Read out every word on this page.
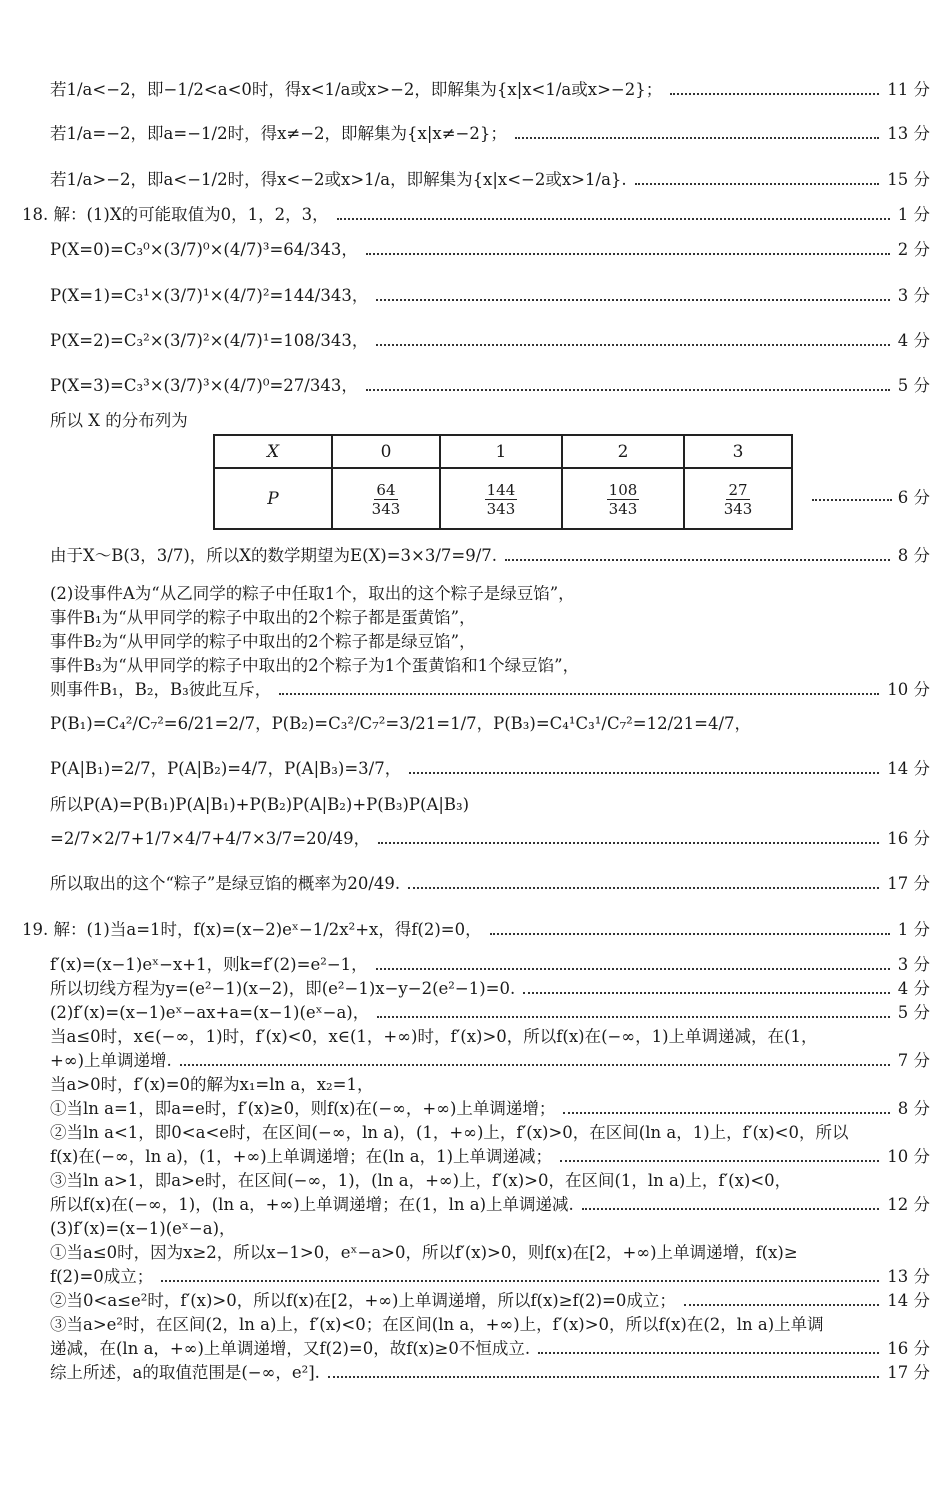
若1/a<−2，即−1/2<a<0时，得x<1/a或x>−2，即解集为{x|x<1/a或x>−2}；	11 分
若1/a=−2，即a=−1/2时，得x≠−2，即解集为{x|x≠−2}；	13 分
若1/a>−2，即a<−1/2时，得x<−2或x>1/a，即解集为{x|x<−2或x>1/a}.	15 分
18. 解：(1)X的可能取值为0，1，2，3，	1 分
P(X=0)=C₃⁰×(3/7)⁰×(4/7)³=64/343，	2 分
P(X=1)=C₃¹×(3/7)¹×(4/7)²=144/343，	3 分
P(X=2)=C₃²×(3/7)²×(4/7)¹=108/343，	4 分
P(X=3)=C₃³×(3/7)³×(4/7)⁰=27/343，	5 分
所以 X 的分布列为
X	0	1	2	3
P	$\frac{64}{343}$	$\frac{144}{343}$	$\frac{108}{343}$	$\frac{27}{343}$	6 分
由于X～B(3，3/7)，所以X的数学期望为E(X)=3×3/7=9/7.	8 分
(2)设事件A为“从乙同学的粽子中任取1个，取出的这个粽子是绿豆馅”，
事件B₁为“从甲同学的粽子中取出的2个粽子都是蛋黄馅”，
事件B₂为“从甲同学的粽子中取出的2个粽子都是绿豆馅”，
事件B₃为“从甲同学的粽子中取出的2个粽子为1个蛋黄馅和1个绿豆馅”，
则事件B₁，B₂，B₃彼此互斥，	10 分
P(B₁)=C₄²/C₇²=6/21=2/7，P(B₂)=C₃²/C₇²=3/21=1/7，P(B₃)=C₄¹C₃¹/C₇²=12/21=4/7，
P(A|B₁)=2/7，P(A|B₂)=4/7，P(A|B₃)=3/7，	14 分
所以P(A)=P(B₁)P(A|B₁)+P(B₂)P(A|B₂)+P(B₃)P(A|B₃)
=2/7×2/7+1/7×4/7+4/7×3/7=20/49，	16 分
所以取出的这个“粽子”是绿豆馅的概率为20/49.	17 分
19. 解：(1)当a=1时，f(x)=(x−2)eˣ−1/2x²+x，得f(2)=0，	1 分
f′(x)=(x−1)eˣ−x+1，则k=f′(2)=e²−1，	3 分
所以切线方程为y=(e²−1)(x−2)，即(e²−1)x−y−2(e²−1)=0.	4 分
(2)f′(x)=(x−1)eˣ−ax+a=(x−1)(eˣ−a)，	5 分
当a≤0时，x∈(−∞，1)时，f′(x)<0，x∈(1，+∞)时，f′(x)>0，所以f(x)在(−∞，1)上单调递减，在(1，
+∞)上单调递增.	7 分
当a>0时，f′(x)=0的解为x₁=ln a，x₂=1，
①当ln a=1，即a=e时，f′(x)≥0，则f(x)在(−∞，+∞)上单调递增；	8 分
②当ln a<1，即0<a<e时，在区间(−∞，ln a)，(1，+∞)上，f′(x)>0，在区间(ln a，1)上，f′(x)<0，所以
f(x)在(−∞，ln a)，(1，+∞)上单调递增；在(ln a，1)上单调递减；	10 分
③当ln a>1，即a>e时，在区间(−∞，1)，(ln a，+∞)上，f′(x)>0，在区间(1，ln a)上，f′(x)<0，
所以f(x)在(−∞，1)，(ln a，+∞)上单调递增；在(1，ln a)上单调递减.	12 分
(3)f′(x)=(x−1)(eˣ−a)，
①当a≤0时，因为x≥2，所以x−1>0，eˣ−a>0，所以f′(x)>0，则f(x)在[2，+∞)上单调递增，f(x)≥
f(2)=0成立；	13 分
②当0<a≤e²时，f′(x)>0，所以f(x)在[2，+∞)上单调递增，所以f(x)≥f(2)=0成立；	14 分
③当a>e²时，在区间(2，ln a)上，f′(x)<0；在区间(ln a，+∞)上，f′(x)>0，所以f(x)在(2，ln a)上单调
递减，在(ln a，+∞)上单调递增，又f(2)=0，故f(x)≥0不恒成立.	16 分
综上所述，a的取值范围是(−∞，e²].	17 分
